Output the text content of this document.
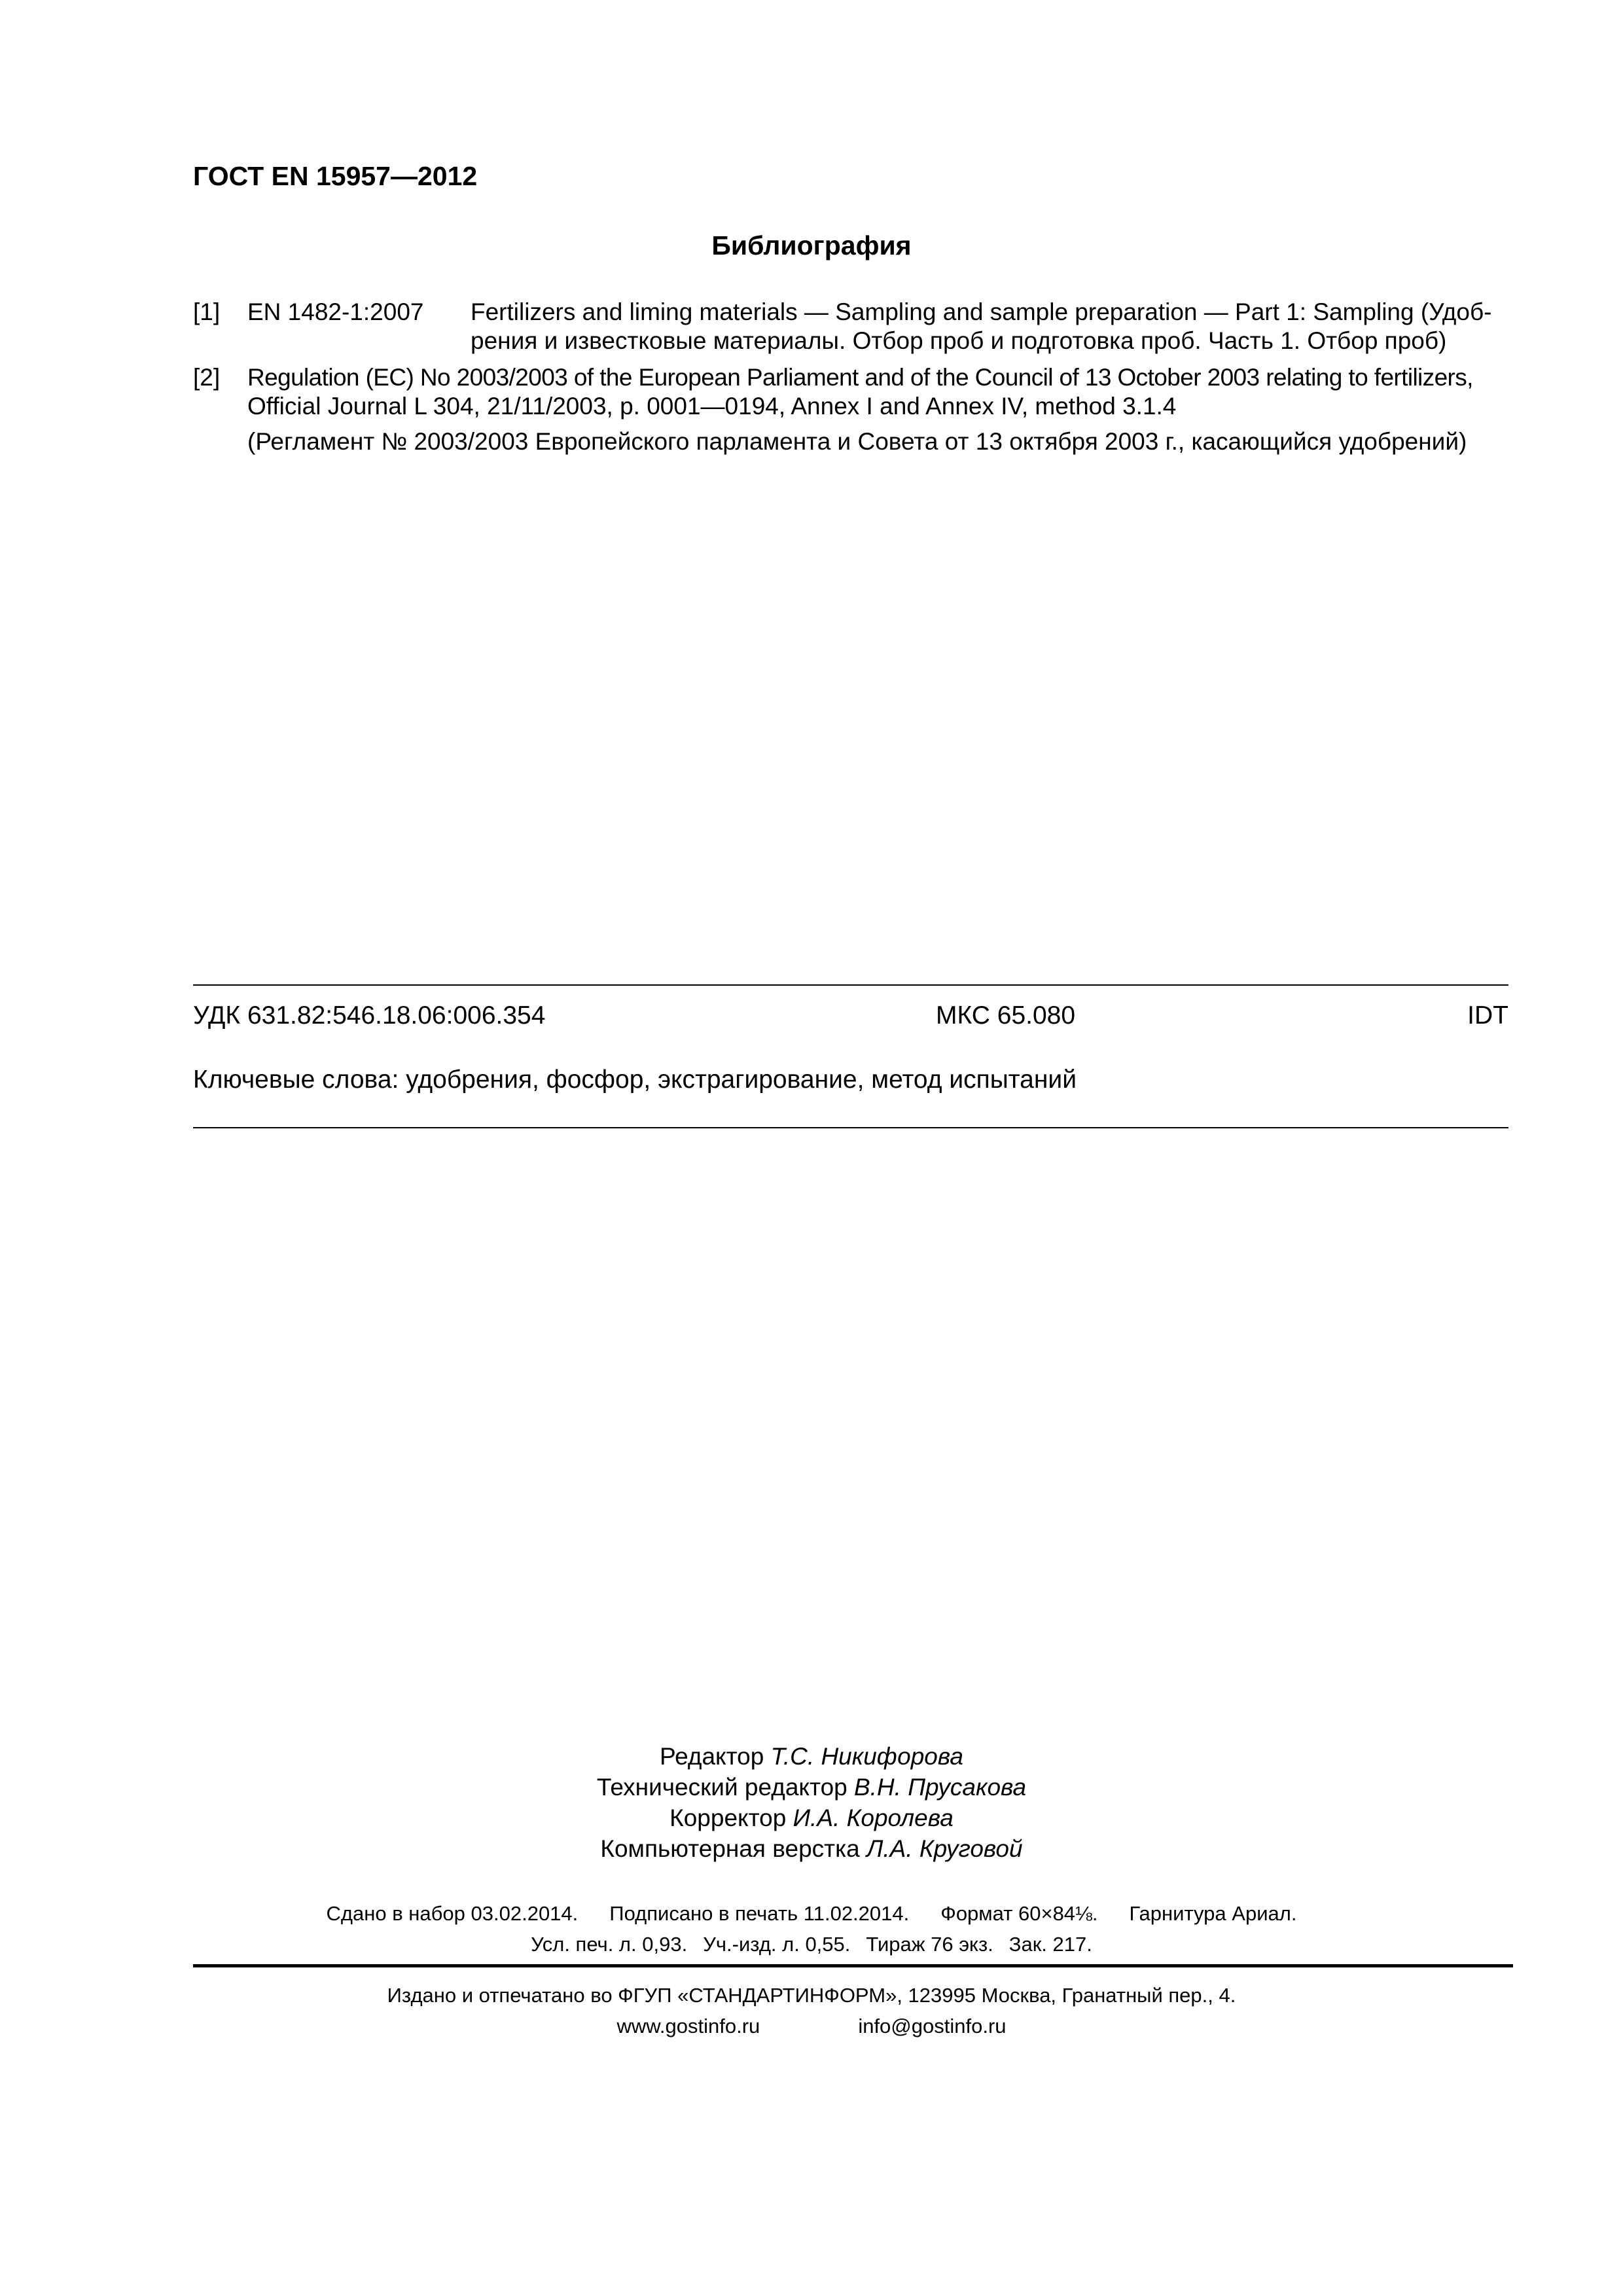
ГОСТ EN 15957—2012
Библиография
[1] EN 1482-1:2007 Fertilizers and liming materials — Sampling and sample preparation — Part 1: Sampling (Удоб-
рения и известковые материалы. Отбор проб и подготовка проб. Часть 1. Отбор проб)
[2] Regulation (EC) No 2003/2003 of the European Parliament and of the Council of 13 October 2003 relating to fertilizers,
Official Journal L 304, 21/11/2003, p. 0001—0194, Annex I and Annex IV, method 3.1.4
(Регламент № 2003/2003 Европейского парламента и Совета от 13 октября 2003 г., касающийся удобрений)
УДК 631.82:546.18.06:006.354	МКС 65.080	IDT
Ключевые слова: удобрения, фосфор, экстрагирование, метод испытаний
Редактор Т.С. Никифорова
Технический редактор В.Н. Прусакова
Корректор И.А. Королева
Компьютерная верстка Л.А. Круговой
Сдано в набор 03.02.2014. Подписано в печать 11.02.2014. Формат 60×84⅛. Гарнитура Ариал.
Усл. печ. л. 0,93. Уч.-изд. л. 0,55. Тираж 76 экз. Зак. 217.
Издано и отпечатано во ФГУП «СТАНДАРТИНФОРМ», 123995 Москва, Гранатный пер., 4.
www.gostinfo.ru	info@gostinfo.ru
